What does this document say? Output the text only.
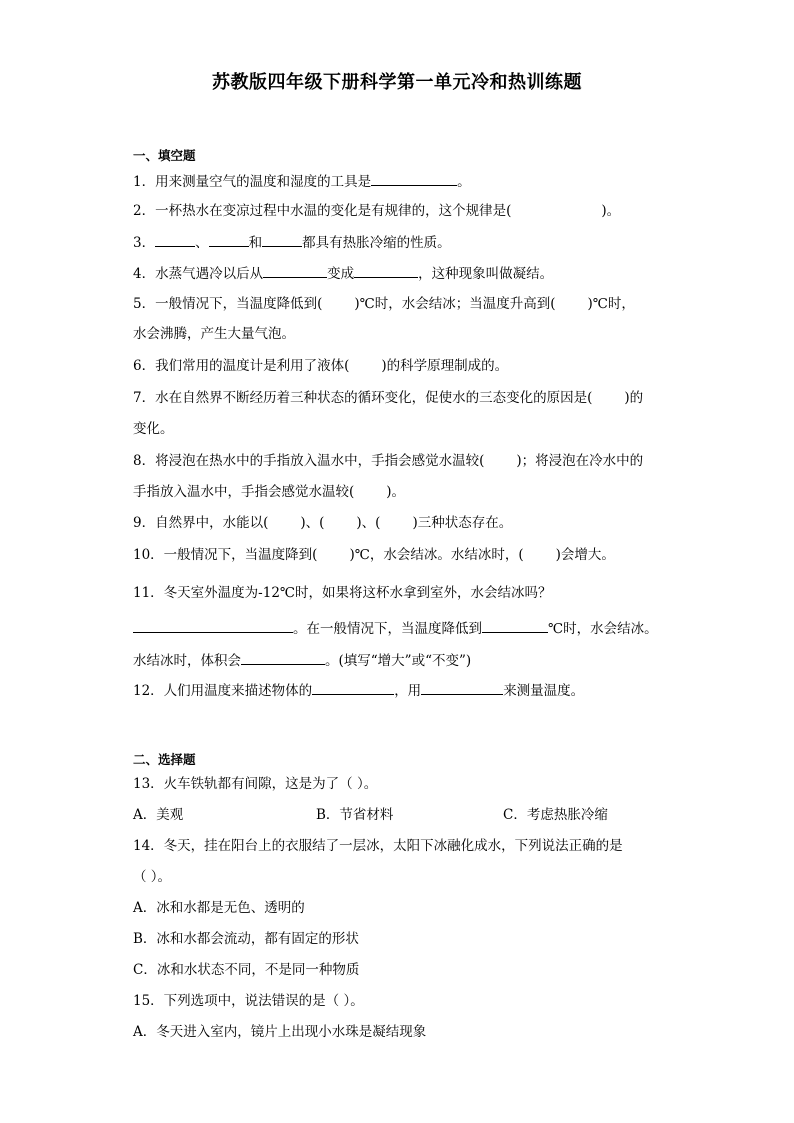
苏教版四年级下册科学第一单元冷和热训练题
一、填空题
1．用来测量空气的温度和湿度的工具是	。
2．一杯热水在变凉过程中水温的变化是有规律的，这个规律是(	)。
3．	、	和	都具有热胀冷缩的性质。
4．水蒸气遇冷以后从	变成	，这种现象叫做凝结。
5．一般情况下，当温度降低到( )℃时，水会结冰；当温度升高到( )℃时，
水会沸腾，产生大量气泡。
6．我们常用的温度计是利用了液体( )的科学原理制成的。
7．水在自然界不断经历着三种状态的循环变化，促使水的三态变化的原因是( )的
变化。
8．将浸泡在热水中的手指放入温水中，手指会感觉水温较( )；将浸泡在冷水中的
手指放入温水中，手指会感觉水温较( )。
9．自然界中，水能以( )、( )、( )三种状态存在。
10．一般情况下，当温度降到( )℃，水会结冰。水结冰时，( )会增大。
11．冬天室外温度为-12℃时，如果将这杯水拿到室外，水会结冰吗？
。在一般情况下，当温度降低到	℃时，水会结冰。
水结冰时，体积会	。(填写“增大”或“不变”)
12．人们用温度来描述物体的	，用	来测量温度。
二、选择题
13．火车铁轨都有间隙，这是为了（ ）。
A．美观	B．节省材料	C．考虑热胀冷缩
14．冬天，挂在阳台上的衣服结了一层冰，太阳下冰融化成水，下列说法正确的是
（ ）。
A．冰和水都是无色、透明的
B．冰和水都会流动，都有固定的形状
C．冰和水状态不同，不是同一种物质
15．下列选项中，说法错误的是（ ）。
A．冬天进入室内，镜片上出现小水珠是凝结现象
